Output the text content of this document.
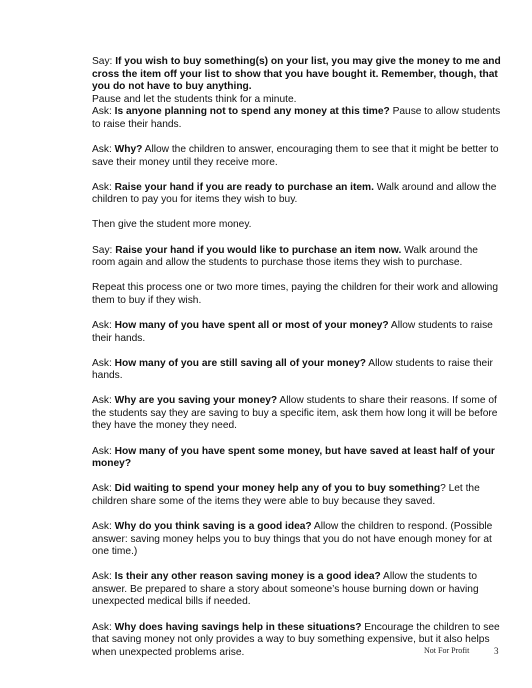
Say: If you wish to buy something(s) on your list, you may give the money to me and cross the item off your list to show that you have bought it. Remember, though, that you do not have to buy anything.

Pause and let the students think for a minute.

Ask: Is anyone planning not to spend any money at this time? Pause to allow students to raise their hands.

Ask: Why? Allow the children to answer, encouraging them to see that it might be better to save their money until they receive more.

Ask: Raise your hand if you are ready to purchase an item. Walk around and allow the children to pay you for items they wish to buy.

Then give the student more money.

Say: Raise your hand if you would like to purchase an item now. Walk around the room again and allow the students to purchase those items they wish to purchase.

Repeat this process one or two more times, paying the children for their work and allowing them to buy if they wish.

Ask: How many of you have spent all or most of your money? Allow students to raise their hands.

Ask: How many of you are still saving all of your money? Allow students to raise their hands.

Ask: Why are you saving your money? Allow students to share their reasons. If some of the students say they are saving to buy a specific item, ask them how long it will be before they have the money they need.

Ask: How many of you have spent some money, but have saved at least half of your money?

Ask: Did waiting to spend your money help any of you to buy something? Let the children share some of the items they were able to buy because they saved.

Ask: Why do you think saving is a good idea? Allow the children to respond. (Possible answer: saving money helps you to buy things that you do not have enough money for at one time.)

Ask: Is their any other reason saving money is a good idea? Allow the students to answer. Be prepared to share a story about someone’s house burning down or having unexpected medical bills if needed.

Ask: Why does having savings help in these situations? Encourage the children to see that saving money not only provides a way to buy something expensive, but it also helps when unexpected problems arise.	Not For Profit	3
